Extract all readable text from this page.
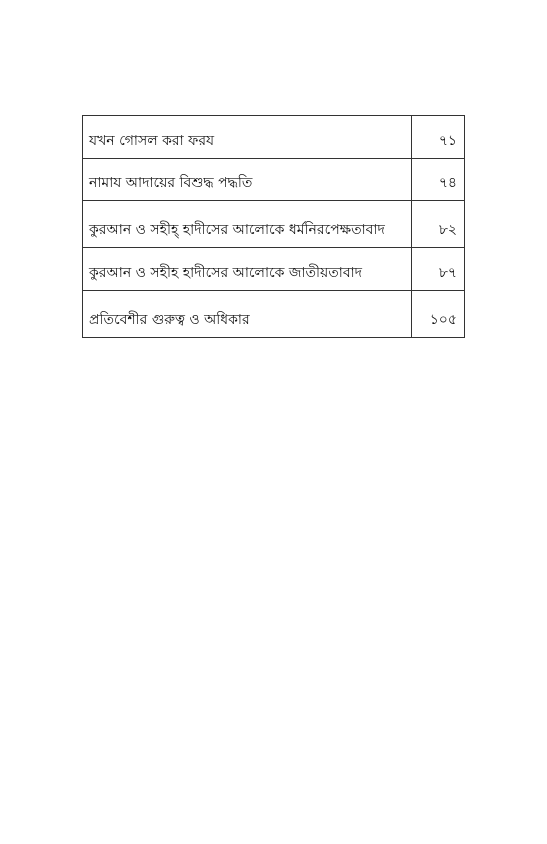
যখন গোসল করা ফরয	৭১
নামায আদায়ের বিশুদ্ধ পদ্ধতি	৭৪
কুরআন ও সহীহ্‌ হাদীসের আলোকে ধর্মনিরপেক্ষতাবাদ	৮২
কুরআন ও সহীহ হাদীসের আলোকে জাতীয়তাবাদ	৮৭
প্রতিবেশীর গুরুত্ব ও অধিকার	১০৫
